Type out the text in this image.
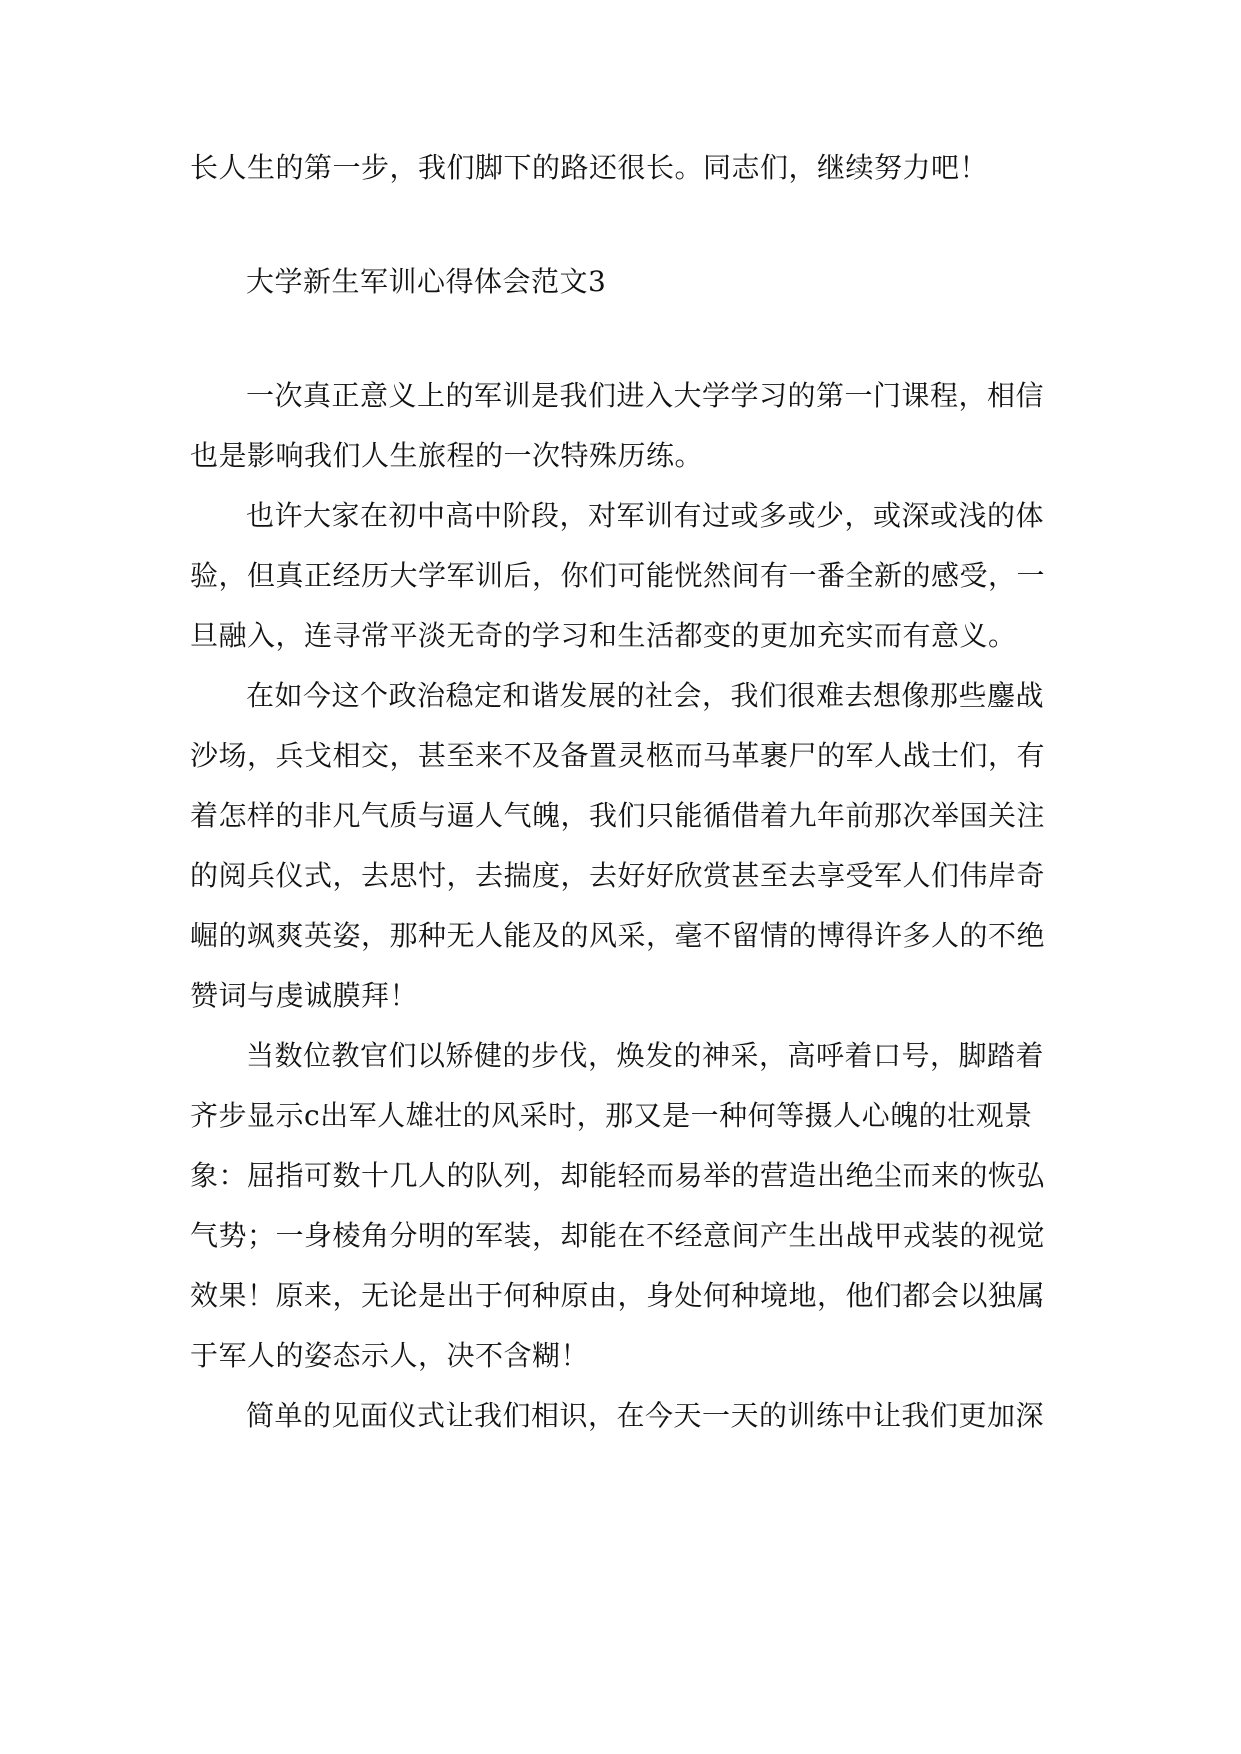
长人生的第一步，我们脚下的路还很长。同志们，继续努力吧！

大学新生军训心得体会范文3

一次真正意义上的军训是我们进入大学学习的第一门课程，相信

也是影响我们人生旅程的一次特殊历练。

也许大家在初中高中阶段，对军训有过或多或少，或深或浅的体

验，但真正经历大学军训后，你们可能恍然间有一番全新的感受，一

旦融入，连寻常平淡无奇的学习和生活都变的更加充实而有意义。

在如今这个政治稳定和谐发展的社会，我们很难去想像那些鏖战

沙场，兵戈相交，甚至来不及备置灵柩而马革裹尸的军人战士们，有

着怎样的非凡气质与逼人气魄，我们只能循借着九年前那次举国关注

的阅兵仪式，去思忖，去揣度，去好好欣赏甚至去享受军人们伟岸奇

崛的飒爽英姿，那种无人能及的风采，毫不留情的博得许多人的不绝

赞词与虔诚膜拜！

当数位教官们以矫健的步伐，焕发的神采，高呼着口号，脚踏着

齐步显示c出军人雄壮的风采时，那又是一种何等摄人心魄的壮观景

象：屈指可数十几人的队列，却能轻而易举的营造出绝尘而来的恢弘

气势；一身棱角分明的军装，却能在不经意间产生出战甲戎装的视觉

效果！原来，无论是出于何种原由，身处何种境地，他们都会以独属

于军人的姿态示人，决不含糊！

简单的见面仪式让我们相识，在今天一天的训练中让我们更加深
